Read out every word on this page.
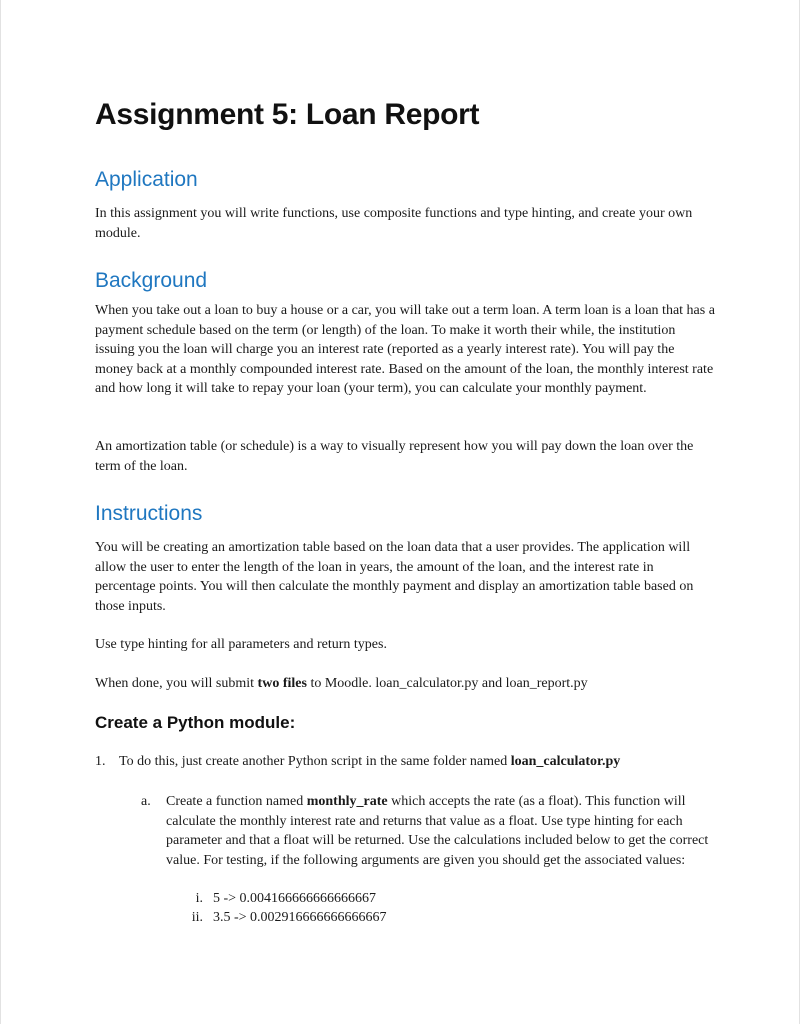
Assignment 5: Loan Report
Application
In this assignment you will write functions, use composite functions and type hinting, and create your own module.
Background
When you take out a loan to buy a house or a car, you will take out a term loan. A term loan is a loan that has a payment schedule based on the term (or length) of the loan. To make it worth their while, the institution issuing you the loan will charge you an interest rate (reported as a yearly interest rate). You will pay the money back at a monthly compounded interest rate. Based on the amount of the loan, the monthly interest rate and how long it will take to repay your loan (your term), you can calculate your monthly payment.
An amortization table (or schedule) is a way to visually represent how you will pay down the loan over the term of the loan.
Instructions
You will be creating an amortization table based on the loan data that a user provides. The application will allow the user to enter the length of the loan in years, the amount of the loan, and the interest rate in percentage points. You will then calculate the monthly payment and display an amortization table based on those inputs.
Use type hinting for all parameters and return types.
When done, you will submit two files to Moodle. loan_calculator.py and loan_report.py
Create a Python module:
1. To do this, just create another Python script in the same folder named loan_calculator.py
a. Create a function named monthly_rate which accepts the rate (as a float). This function will calculate the monthly interest rate and returns that value as a float. Use type hinting for each parameter and that a float will be returned. Use the calculations included below to get the correct value. For testing, if the following arguments are given you should get the associated values:
i. 5 -> 0.004166666666666667
ii. 3.5 -> 0.002916666666666667
